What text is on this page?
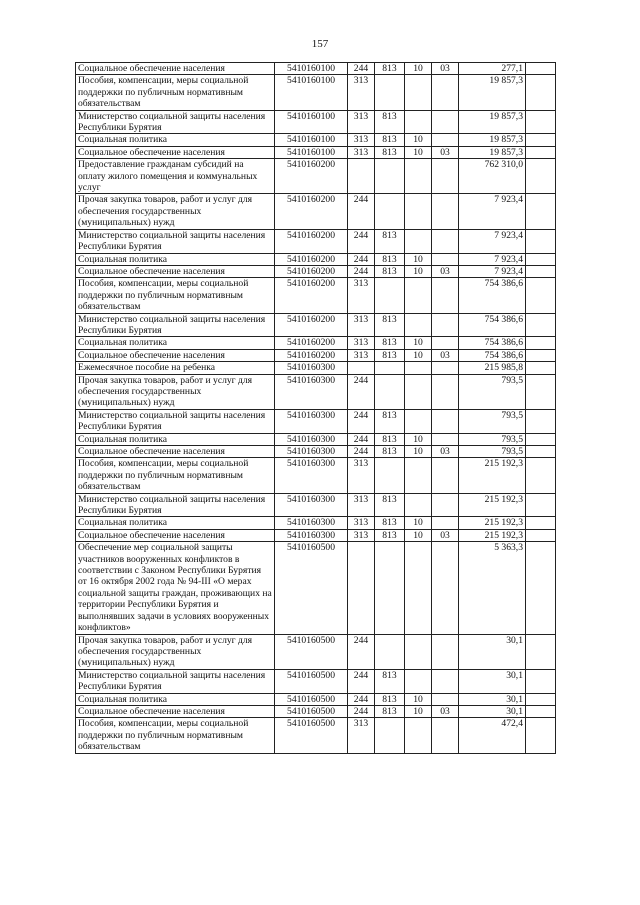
157
Социальное обеспечение населения	5410160100	244	813	10	03	277,1	
Пособия, компенсации, меры социальной поддержки по публичным нормативным обязательствам	5410160100	313				19 857,3	
Министерство социальной защиты населения Республики Бурятия	5410160100	313	813			19 857,3	
Социальная политика	5410160100	313	813	10		19 857,3	
Социальное обеспечение населения	5410160100	313	813	10	03	19 857,3	
Предоставление гражданам субсидий на оплату жилого помещения и коммунальных услуг	5410160200					762 310,0	
Прочая закупка товаров, работ и услуг для обеспечения государственных (муниципальных) нужд	5410160200	244				7 923,4	
Министерство социальной защиты населения Республики Бурятия	5410160200	244	813			7 923,4	
Социальная политика	5410160200	244	813	10		7 923,4	
Социальное обеспечение населения	5410160200	244	813	10	03	7 923,4	
Пособия, компенсации, меры социальной поддержки по публичным нормативным обязательствам	5410160200	313				754 386,6	
Министерство социальной защиты населения Республики Бурятия	5410160200	313	813			754 386,6	
Социальная политика	5410160200	313	813	10		754 386,6	
Социальное обеспечение населения	5410160200	313	813	10	03	754 386,6	
Ежемесячное пособие на ребенка	5410160300					215 985,8	
Прочая закупка товаров, работ и услуг для обеспечения государственных (муниципальных) нужд	5410160300	244				793,5	
Министерство социальной защиты населения Республики Бурятия	5410160300	244	813			793,5	
Социальная политика	5410160300	244	813	10		793,5	
Социальное обеспечение населения	5410160300	244	813	10	03	793,5	
Пособия, компенсации, меры социальной поддержки по публичным нормативным обязательствам	5410160300	313				215 192,3	
Министерство социальной защиты населения Республики Бурятия	5410160300	313	813			215 192,3	
Социальная политика	5410160300	313	813	10		215 192,3	
Социальное обеспечение населения	5410160300	313	813	10	03	215 192,3	
Обеспечение мер социальной защиты участников вооруженных конфликтов в соответствии с Законом Республики Бурятия от 16 октября 2002 года № 94-III «О мерах социальной защиты граждан, проживающих на территории Республики Бурятия и выполнявших задачи в условиях вооруженных конфликтов»	5410160500					5 363,3	
Прочая закупка товаров, работ и услуг для обеспечения государственных (муниципальных) нужд	5410160500	244				30,1	
Министерство социальной защиты населения Республики Бурятия	5410160500	244	813			30,1	
Социальная политика	5410160500	244	813	10		30,1	
Социальное обеспечение населения	5410160500	244	813	10	03	30,1	
Пособия, компенсации, меры социальной поддержки по публичным нормативным обязательствам	5410160500	313				472,4	
